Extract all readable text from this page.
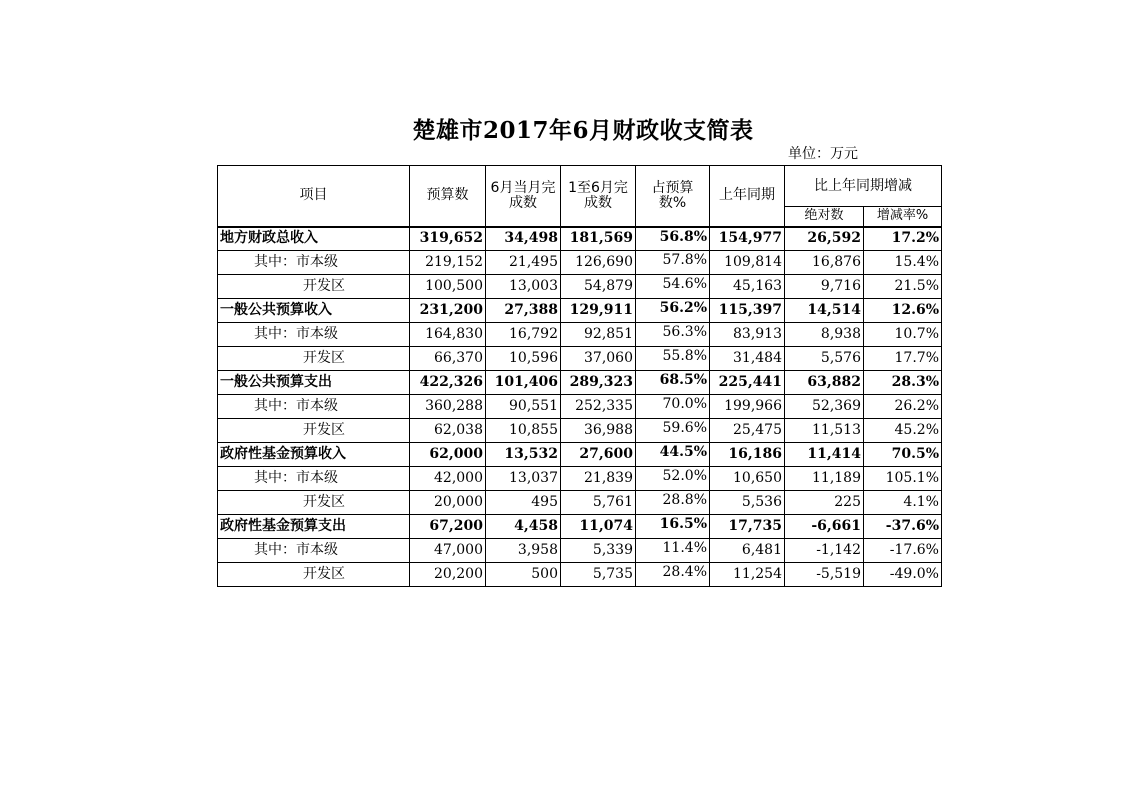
楚雄市2017年6月财政收支简表
单位：万元
项目	预算数	6月当月完成数	1至6月完成数	占预算数%	上年同期	比上年同期增减	
						绝对数	增减率%
地方财政总收入	319,652	34,498	181,569	56.8%	154,977	26,592	17.2%
其中：市本级	219,152	21,495	126,690	57.8%	109,814	16,876	15.4%
开发区	100,500	13,003	54,879	54.6%	45,163	9,716	21.5%
一般公共预算收入	231,200	27,388	129,911	56.2%	115,397	14,514	12.6%
其中：市本级	164,830	16,792	92,851	56.3%	83,913	8,938	10.7%
开发区	66,370	10,596	37,060	55.8%	31,484	5,576	17.7%
一般公共预算支出	422,326	101,406	289,323	68.5%	225,441	63,882	28.3%
其中：市本级	360,288	90,551	252,335	70.0%	199,966	52,369	26.2%
开发区	62,038	10,855	36,988	59.6%	25,475	11,513	45.2%
政府性基金预算收入	62,000	13,532	27,600	44.5%	16,186	11,414	70.5%
其中：市本级	42,000	13,037	21,839	52.0%	10,650	11,189	105.1%
开发区	20,000	495	5,761	28.8%	5,536	225	4.1%
政府性基金预算支出	67,200	4,458	11,074	16.5%	17,735	-6,661	-37.6%
其中：市本级	47,000	3,958	5,339	11.4%	6,481	-1,142	-17.6%
开发区	20,200	500	5,735	28.4%	11,254	-5,519	-49.0%
